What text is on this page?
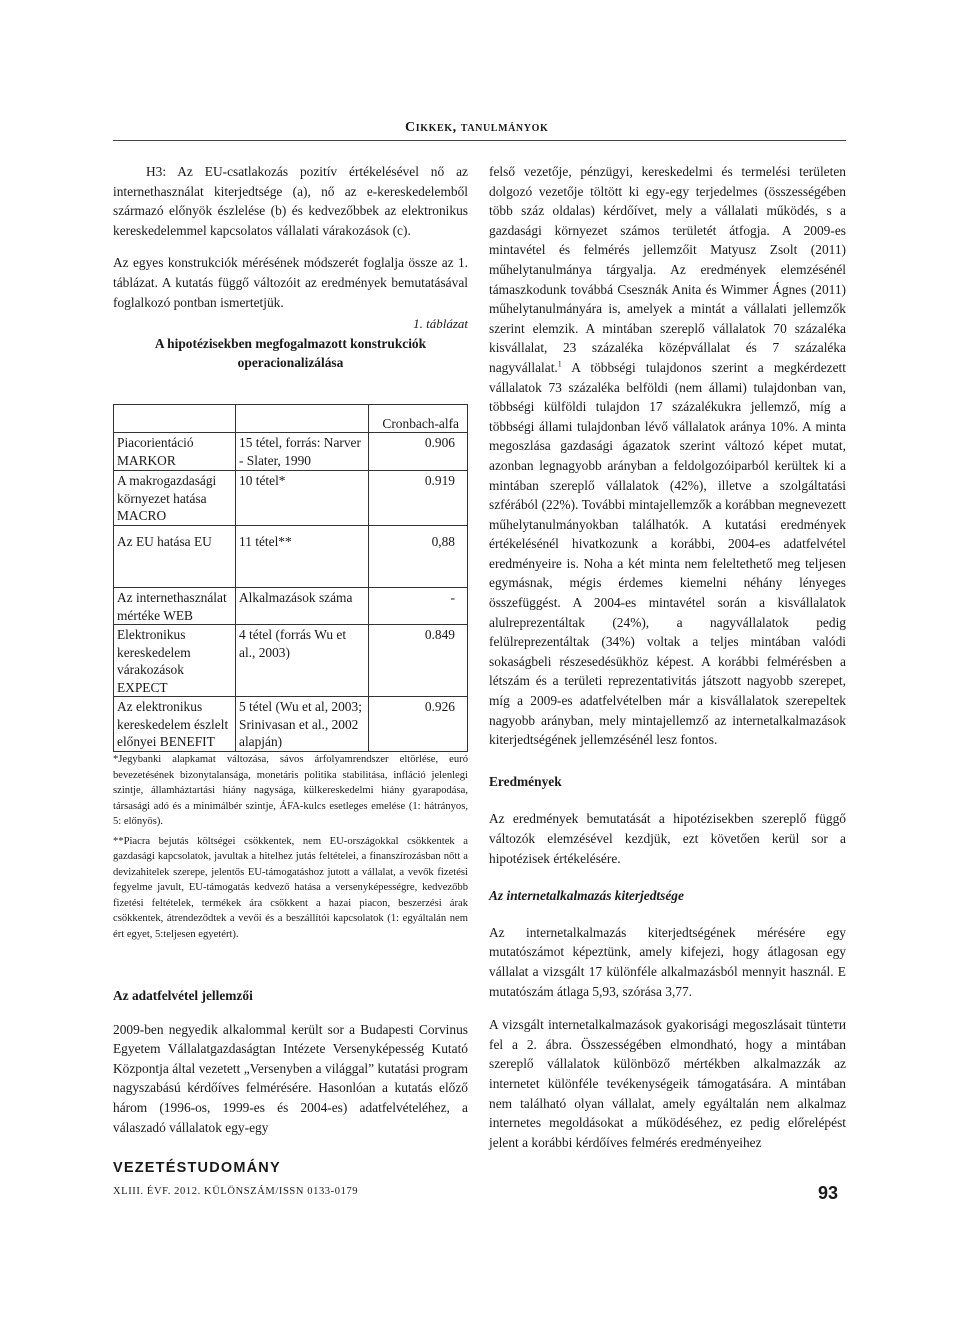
Cikkek, tanulmányok

H3: Az EU-csatlakozás pozitív értékelésével nő az internethasználat kiterjedtsége (a), nő az e-kereskedelemből származó előnyök észlelése (b) és kedvezőbbek az elektronikus kereskedelemmel kapcsolatos vállalati várakozások (c).

Az egyes konstrukciók mérésének módszerét foglalja össze az 1. táblázat. A kutatás függő változóit az eredmények bemutatásával foglalkozó pontban ismertetjük.

1. táblázat
A hipotézisekben megfogalmazott konstrukciók
operacionalizálása
		Cronbach-alfa
Piacorientáció MARKOR	15 tétel, forrás: Narver - Slater, 1990	0.906
A makrogazdasági környezet hatása MACRO	10 tétel*	0.919
Az EU hatása EU	11 tétel**	0,88
Az internethasználat mértéke WEB	Alkalmazások száma	-
Elektronikus kereskedelem várakozások EXPECT	4 tétel (forrás Wu et al., 2003)	0.849
Az elektronikus kereskedelem észlelt előnyei BENEFIT	5 tétel (Wu et al, 2003; Srinivasan et al., 2002 alapján)	0.926

*Jegybanki alapkamat változása, sávos árfolyamrendszer eltörlése, euró bevezetésének bizonytalansága, monetáris politika stabilitása, infláció jelenlegi szintje, államháztartási hiány nagysága, külkereskedelmi hiány gyarapodása, társasági adó és a minimálbér szintje, ÁFA-kulcs esetleges emelése (1: hátrányos, 5: előnyös).

**Piacra bejutás költségei csökkentek, nem EU-országokkal csökkentek a gazdasági kapcsolatok, javultak a hitelhez jutás feltételei, a finanszírozásban nőtt a devizahitelek szerepe, jelentős EU-támogatáshoz jutott a vállalat, a vevők fizetési fegyelme javult, EU-támogatás kedvező hatása a versenyképességre, kedvezőbb fizetési feltételek, termékek ára csökkent a hazai piacon, beszerzési árak csökkentek, átrendeződtek a vevői és a beszállítói kapcsolatok (1: egyáltalán nem ért egyet, 5:teljesen egyetért).

Az adatfelvétel jellemzői

2009-ben negyedik alkalommal került sor a Budapesti Corvinus Egyetem Vállalatgazdaságtan Intézete Versenyképesség Kutató Központja által vezetett „Versenyben a világgal” kutatási program nagyszabású kérdőíves felmérésére. Hasonlóan a kutatás előző három (1996-os, 1999-es és 2004-es) adatfelvételéhez, a válaszadó vállalatok egy-egy

felső vezetője, pénzügyi, kereskedelmi és termelési területen dolgozó vezetője töltött ki egy-egy terjedelmes (összességében több száz oldalas) kérdőívet, mely a vállalati működés, s a gazdasági környezet számos területét átfogja. A 2009-es mintavétel és felmérés jellemzőit Matyusz Zsolt (2011) műhelytanulmánya tárgyalja. Az eredmények elemzésénél támaszkodunk továbbá Csesznák Anita és Wimmer Ágnes (2011) műhelytanulmányára is, amelyek a mintát a vállalati jellemzők szerint elemzik. A mintában szereplő vállalatok 70 százaléka kisvállalat, 23 százaléka középvállalat és 7 százaléka nagyvállalat.$^1$ A többségi tulajdonos szerint a megkérdezett vállalatok 73 százaléka belföldi (nem állami) tulajdonban van, többségi külföldi tulajdon 17 százalékukra jellemző, míg a többségi állami tulajdonban lévő vállalatok aránya 10%. A minta megoszlása gazdasági ágazatok szerint változó képet mutat, azonban legnagyobb arányban a feldolgozóiparból kerültek ki a mintában szereplő vállalatok (42%), illetve a szolgáltatási szférából (22%). További mintajellemzők a korábban megnevezett műhelytanulmányokban találhatók. A kutatási eredmények értékelésénél hivatkozunk a korábbi, 2004-es adatfelvétel eredményeire is. Noha a két minta nem feleltethető meg teljesen egymásnak, mégis érdemes kiemelni néhány lényeges összefüggést. A 2004-es mintavétel során a kisvállalatok alulreprezentáltak (24%), a nagyvállalatok pedig felülreprezentáltak (34%) voltak a teljes mintában valódi sokaságbeli részesedésükhöz képest. A korábbi felmérésben a létszám és a területi reprezentativitás játszott nagyobb szerepet, míg a 2009-es adatfelvételben már a kisvállalatok szerepeltek nagyobb arányban, mely mintajellemző az internetalkalmazások kiterjedtségének jellemzésénél lesz fontos.

Eredmények

Az eredmények bemutatását a hipotézisekben szereplő függő változók elemzésével kezdjük, ezt követően kerül sor a hipotézisek értékelésére.

Az internetalkalmazás kiterjedtsége

Az internetalkalmazás kiterjedtségének mérésére egy mutatószámot képeztünk, amely kifejezi, hogy átlagosan egy vállalat a vizsgált 17 különféle alkalmazásból mennyit használ. E mutatószám átlaga 5,93, szórása 3,77.

A vizsgált internetalkalmazások gyakorisági megoszlásait tüntети fel a 2. ábra. Összességében elmondható, hogy a mintában szereplő vállalatok különböző mértékben alkalmazzák az internetet különféle tevékenységeik támogatására. A mintában nem található olyan vállalat, amely egyáltalán nem alkalmaz internetes megoldásokat a működéséhez, ez pedig előrelépést jelent a korábbi kérdőíves felmérés eredményeihez

VEZETÉSTUDOMÁNY
XLIII. ÉVF. 2012. KÜLÖNSZÁM/ISSN 0133-0179	93
